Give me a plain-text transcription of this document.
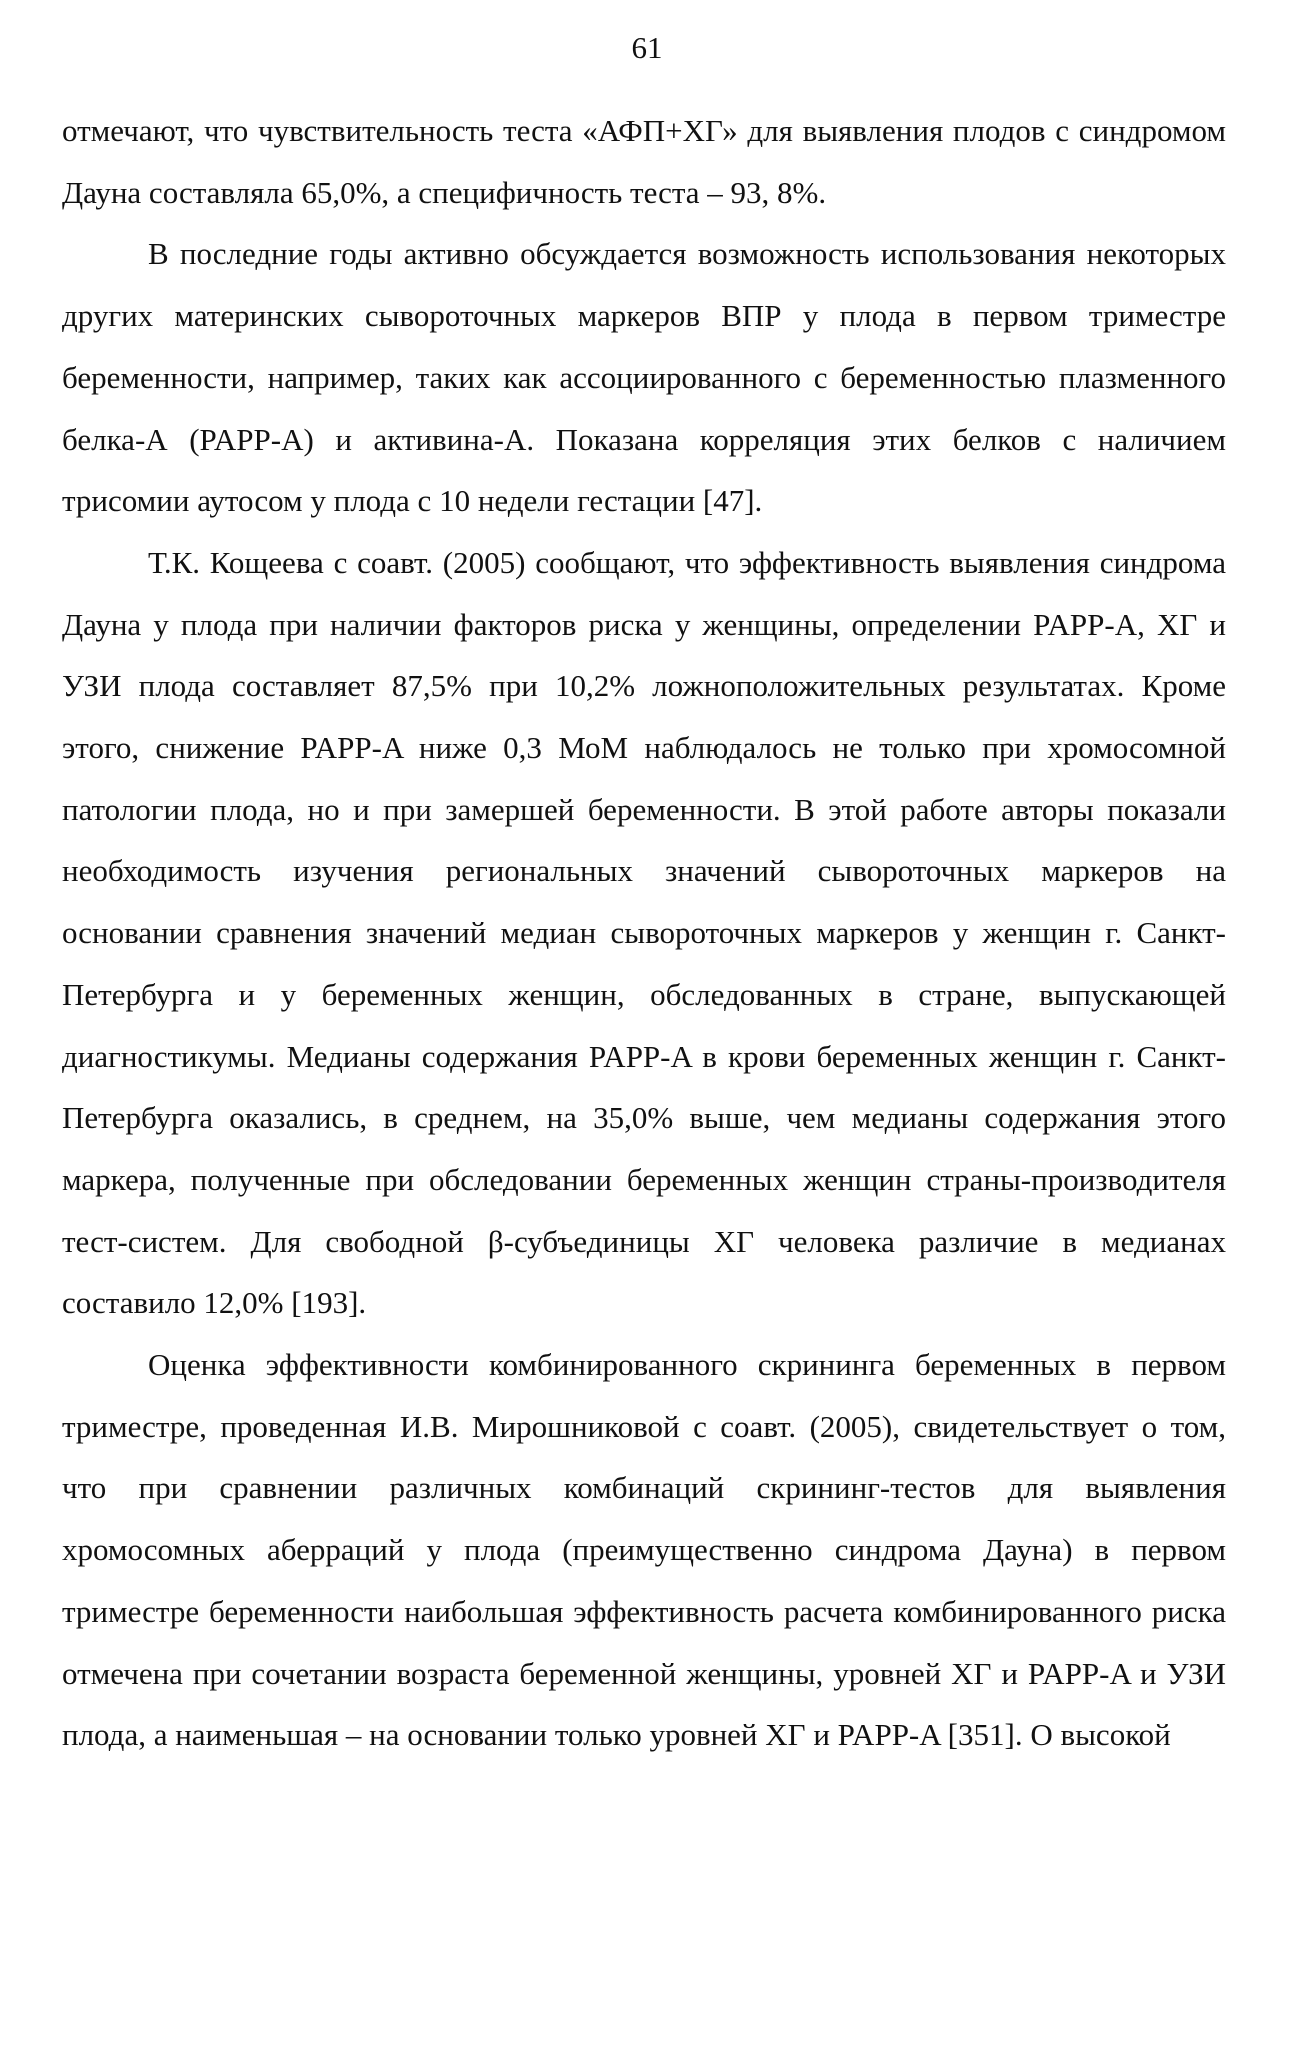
61

отмечают, что чувствительность теста «АФП+ХГ» для выявления плодов с синдромом Дауна составляла 65,0%, а специфичность теста – 93, 8%.

В последние годы активно обсуждается возможность использования некоторых других материнских сывороточных маркеров ВПР у плода в первом триместре беременности, например, таких как ассоциированного с беременностью плазменного белка-А (PAPP-A) и активина-А. Показана корреляция этих белков с наличием трисомии аутосом у плода с 10 недели гестации [47].

Т.К. Кощеева с соавт. (2005) сообщают, что эффективность выявления синдрома Дауна у плода при наличии факторов риска у женщины, определении PAPP-A, ХГ и УЗИ плода составляет 87,5% при 10,2% ложноположительных результатах. Кроме этого, снижение PAPP-A ниже 0,3 МоМ наблюдалось не только при хромосомной патологии плода, но и при замершей беременности. В этой работе авторы показали необходимость изучения региональных значений сывороточных маркеров на основании сравнения значений медиан сывороточных маркеров у женщин г. Санкт-Петербурга и у беременных женщин, обследованных в стране, выпускающей диагностикумы. Медианы содержания PAPP-A в крови беременных женщин г. Санкт-Петербурга оказались, в среднем, на 35,0% выше, чем медианы содержания этого маркера, полученные при обследовании беременных женщин страны-производителя тест-систем. Для свободной β-субъединицы ХГ человека различие в медианах составило 12,0% [193].

Оценка эффективности комбинированного скрининга беременных в первом триместре, проведенная И.В. Мирошниковой с соавт. (2005), свидетельствует о том, что при сравнении различных комбинаций скрининг-тестов для выявления хромосомных аберраций у плода (преимущественно синдрома Дауна) в первом триместре беременности наибольшая эффективность расчета комбинированного риска отмечена при сочетании возраста беременной женщины, уровней ХГ и PAPP-A и УЗИ плода, а наименьшая – на основании только уровней ХГ и PAPP-A [351]. О высокой
